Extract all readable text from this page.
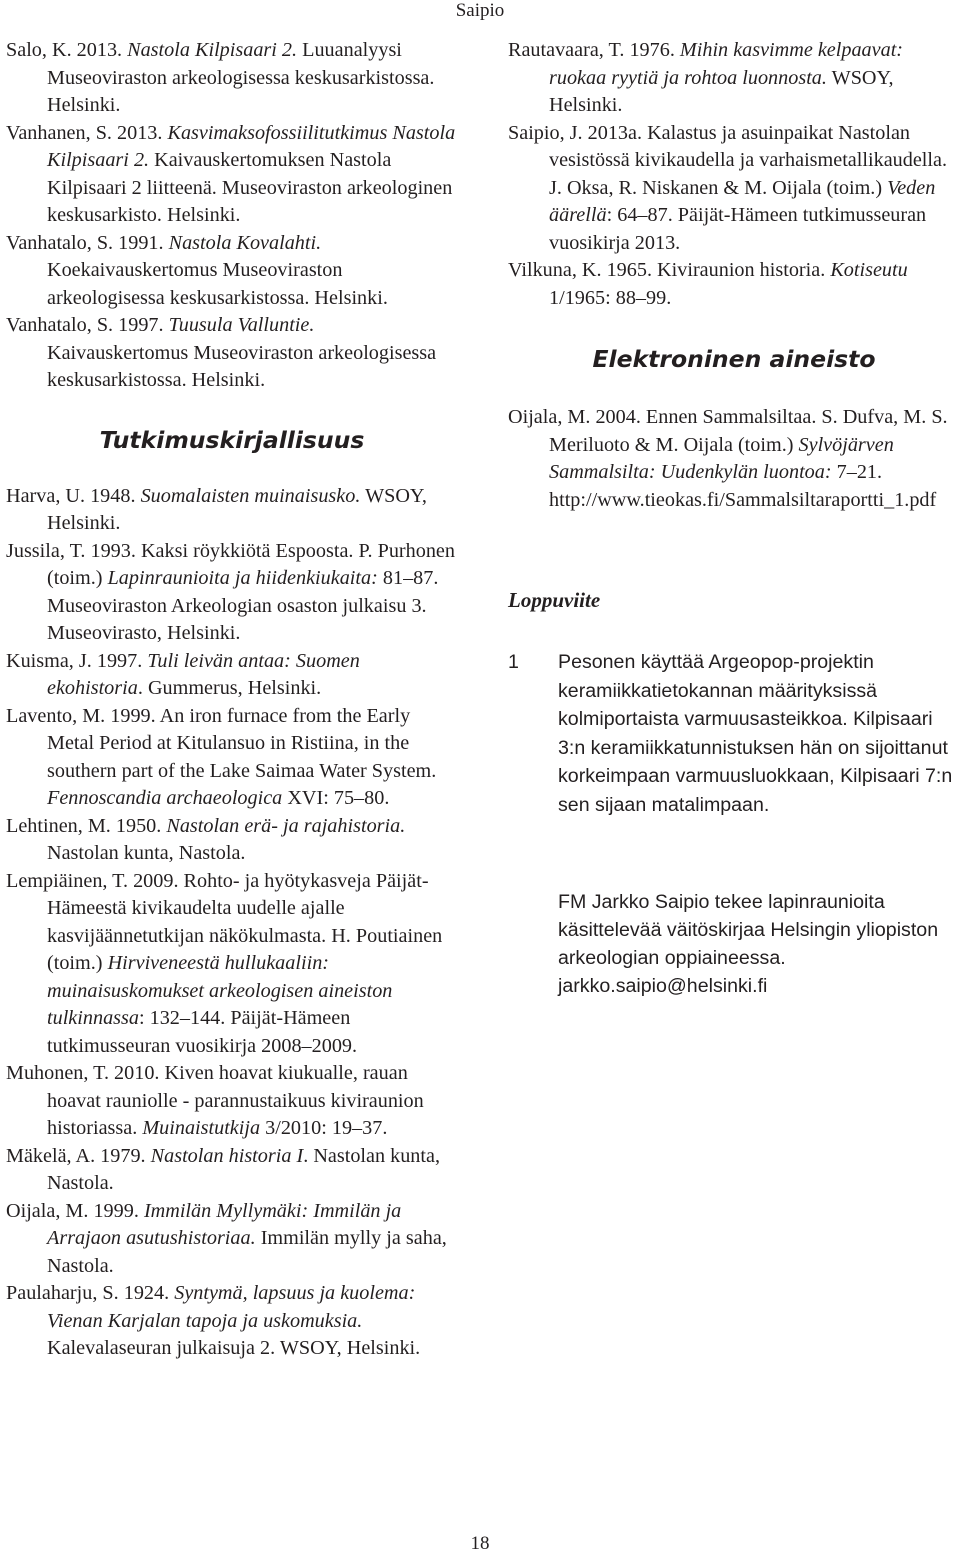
Saipio

Salo, K. 2013. Nastola Kilpisaari 2. Luuanalyysi Museoviraston arkeologisessa keskusarkistossa. Helsinki.

Vanhanen, S. 2013. Kasvimaksofossiilitutkimus Nastola Kilpisaari 2. Kaivauskertomuksen Nastola Kilpisaari 2 liitteenä. Museoviraston arkeologinen keskusarkisto. Helsinki.

Vanhatalo, S. 1991. Nastola Kovalahti. Koekaivauskertomus Museoviraston arkeologisessa keskusarkistossa. Helsinki.

Vanhatalo, S. 1997. Tuusula Valluntie. Kaivauskertomus Museoviraston arkeologisessa keskusarkistossa. Helsinki.

Tutkimuskirjallisuus

Harva, U. 1948. Suomalaisten muinaisusko. WSOY, Helsinki.

Jussila, T. 1993. Kaksi röykkiötä Espoosta. P. Purhonen (toim.) Lapinraunioita ja hiidenkiukaita: 81–87. Museoviraston Arkeologian osaston julkaisu 3. Museovirasto, Helsinki.

Kuisma, J. 1997. Tuli leivän antaa: Suomen ekohistoria. Gummerus, Helsinki.

Lavento, M. 1999. An iron furnace from the Early Metal Period at Kitulansuo in Ristiina, in the southern part of the Lake Saimaa Water System. Fennoscandia archaeologica XVI: 75–80.

Lehtinen, M. 1950. Nastolan erä- ja rajahistoria. Nastolan kunta, Nastola.

Lempiäinen, T. 2009. Rohto- ja hyötykasveja Päijät-Hämeestä kivikaudelta uudelle ajalle kasvijäännetutkijan näkökulmasta. H. Poutiainen (toim.) Hirviveneestä hullukaaliin: muinaisuskomukset arkeologisen aineiston tulkinnassa: 132–144. Päijät-Hämeen tutkimusseuran vuosikirja 2008–2009.

Muhonen, T. 2010. Kiven hoavat kiukualle, rauan hoavat rauniolle - parannustaikuus kiviraunion historiassa. Muinaistutkija 3/2010: 19–37.

Mäkelä, A. 1979. Nastolan historia I. Nastolan kunta, Nastola.

Oijala, M. 1999. Immilän Myllymäki: Immilän ja Arrajaon asutushistoriaa. Immilän mylly ja saha, Nastola.

Paulaharju, S. 1924. Syntymä, lapsuus ja kuolema: Vienan Karjalan tapoja ja uskomuksia. Kalevalaseuran julkaisuja 2. WSOY, Helsinki.

Rautavaara, T. 1976. Mihin kasvimme kelpaavat: ruokaa ryytiä ja rohtoa luonnosta. WSOY, Helsinki.

Saipio, J. 2013a. Kalastus ja asuinpaikat Nastolan vesistössä kivikaudella ja varhaismetallikaudella. J. Oksa, R. Niskanen & M. Oijala (toim.) Veden äärellä: 64–87. Päijät-Hämeen tutkimusseuran vuosikirja 2013.

Vilkuna, K. 1965. Kiviraunion historia. Kotiseutu 1/1965: 88–99.

Elektroninen aineisto

Oijala, M. 2004. Ennen Sammalsiltaa. S. Dufva, M. S. Meriluoto & M. Oijala (toim.) Sylvöjärven Sammalsilta: Uudenkylän luontoa: 7–21. http://www.tieokas.fi/Sammalsiltaraportti_1.pdf

Loppuviite

1 Pesonen käyttää Argeopop-projektin keramiikkatietokannan määrityksissä kolmiportaista varmuusasteikkoa. Kilpisaari 3:n keramiikkatunnistuksen hän on sijoittanut korkeimpaan varmuusluokkaan, Kilpisaari 7:n sen sijaan matalimpaan.

FM Jarkko Saipio tekee lapinraunioita käsittelevää väitöskirjaa Helsingin yliopiston arkeologian oppiaineessa.
jarkko.saipio@helsinki.fi
18
